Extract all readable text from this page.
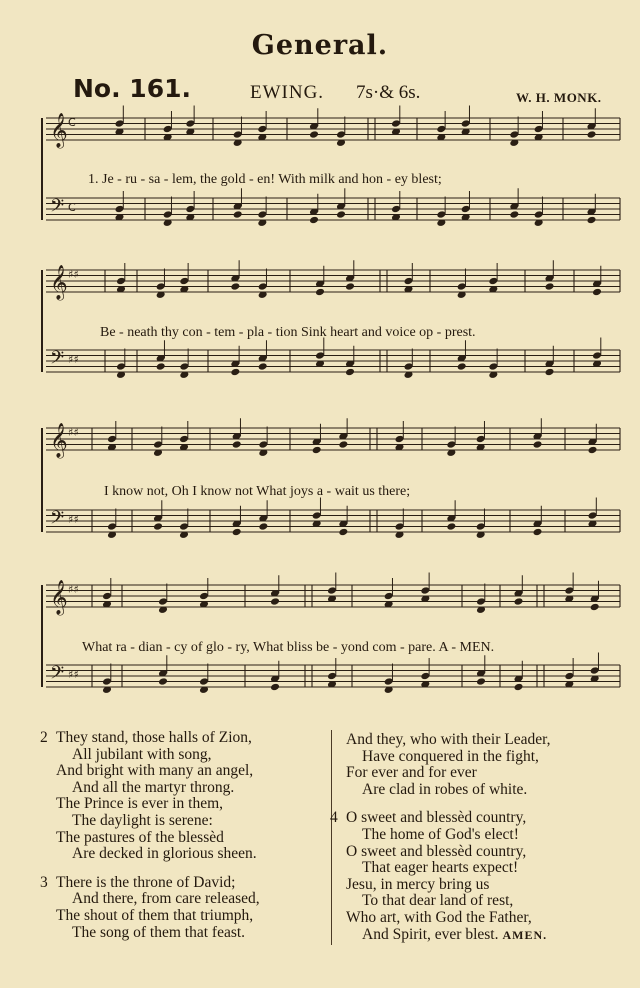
General.
No. 161.	EWING. 7s·& 6s.	W. H. MONK.
𝄞 C
𝄢 C
𝄞 ♯♯
𝄢 ♯♯
𝄞 ♯♯
𝄢 ♯♯
𝄞 ♯♯
𝄢 ♯♯
1. Je - ru - sa - lem, the gold - en! With milk and hon - ey blest;
Be - neath thy con - tem - pla - tion Sink heart and voice op - prest.
I know not, Oh I know not What joys a - wait us there;
What ra - dian - cy of glo - ry, What bliss be - yond com - pare. A - MEN.
2 They stand, those halls of Zion,
All jubilant with song,
And bright with many an angel,
And all the martyr throng.
The Prince is ever in them,
The daylight is serene:
The pastures of the blessèd
Are decked in glorious sheen.
3 There is the throne of David;
And there, from care released,
The shout of them that triumph,
The song of them that feast.
And they, who with their Leader,
Have conquered in the fight,
For ever and for ever
Are clad in robes of white.
4 O sweet and blessèd country,
The home of God's elect!
O sweet and blessèd country,
That eager hearts expect!
Jesu, in mercy bring us
To that dear land of rest,
Who art, with God the Father,
And Spirit, ever blest. AMEN.
